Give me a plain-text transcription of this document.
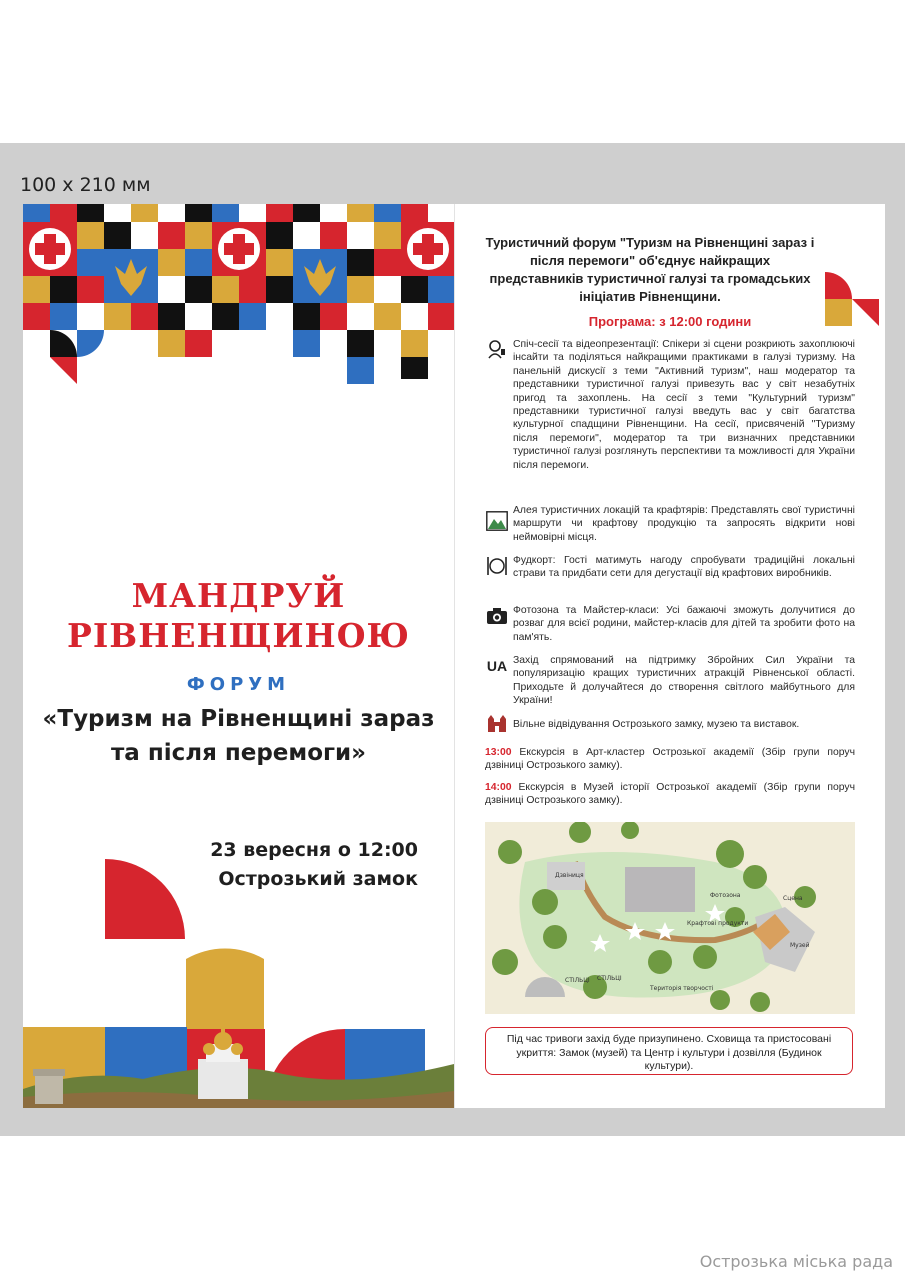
100 х 210 мм
МАНДРУЙ
РІВНЕНЩИНОЮ
ФОРУМ
«Туризм на Рівненщині зараз та після перемоги»
23 вересня о 12:00
Острозький замок
Туристичний форум "Туризм на Рівненщині зараз і після перемоги" об'єднує найкращих представників туристичної галузі та громадських ініціатив Рівненщини.
Програма: з 12:00 години
Спіч-сесії та відеопрезентації: Спікери зі сцени розкриють захоплюючі інсайти та поділяться найкращими практиками в галузі туризму. На панельній дискусії з теми "Активний туризм", наш модератор та представники туристичної галузі привезуть вас у світ незабутніх пригод та захоплень. На сесії з теми "Культурний туризм" представники туристичної галузі введуть вас у світ багатства культурної спадщини Рівненщини. На сесії, присвяченій "Туризму після перемоги", модератор та три визначних представники туристичної галузі розглянуть перспективи та можливості для України після перемоги.
Алея туристичних локацій та крафтярів: Представлять свої туристичні маршрути чи крафтову продукцію та запросять відкрити нові неймовірні місця.
Фудкорт: Гості матимуть нагоду спробувати традиційні локальні страви та придбати сети для дегустації від крафтових виробників.
Фотозона та Майстер-класи: Усі бажаючі зможуть долучитися до розваг для всієї родини, майстер-класів для дітей та зробити фото на пам'ять.
UA Захід спрямований на підтримку Збройних Сил України та популяризацію кращих туристичних атракцій Рівненської області. Приходьте й долучайтеся до створення світлого майбутнього для України!
Вільне відвідування Острозького замку, музею та виставок.
13:00 Екскурсія в Арт-кластер Острозької академії (Збір групи поруч дзвіниці Острозького замку).
14:00 Екскурсія в Музей історії Острозької академії (Збір групи поруч дзвіниці Острозького замку).
Дзвіниця
Фотозона
Крафтові продукти
Сцена
Музей
СТІЛЬЦІ СТІЛЬЦІ
Територія творчості
Під час тривоги захід буде призупинено. Сховища та пристосовані укриття: Замок (музей) та Центр і культури і дозвілля (Будинок культури).
Острозька міська рада
